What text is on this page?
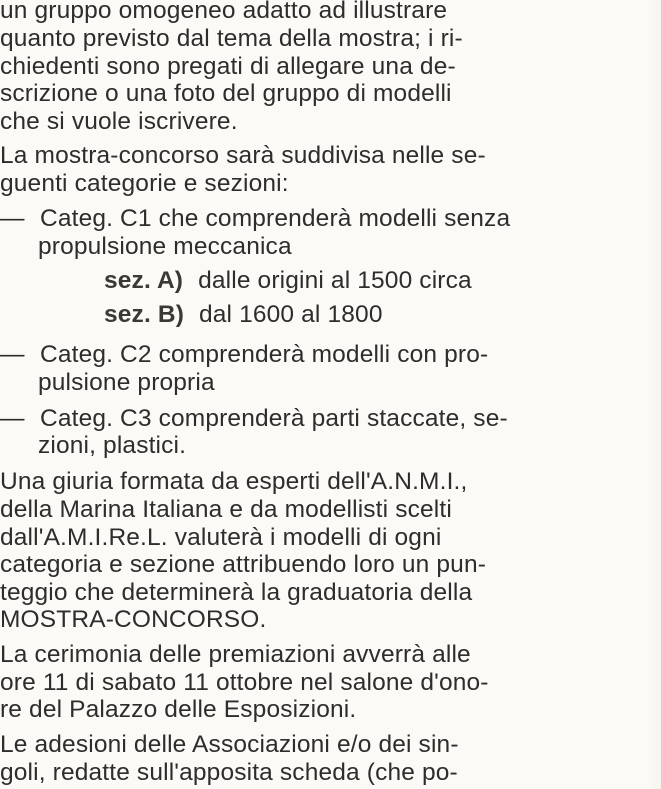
un gruppo omogeneo adatto ad illustrare
quanto previsto dal tema della mostra; i ri-
chiedenti sono pregati di allegare una de-
scrizione o una foto del gruppo di modelli
che si vuole iscrivere.
La mostra-concorso sarà suddivisa nelle se-
guenti categorie e sezioni:
— Categ. C1 che comprenderà modelli senza
propulsione meccanica
sez. A) dalle origini al 1500 circa
sez. B) dal 1600 al 1800
— Categ. C2 comprenderà modelli con pro-
pulsione propria
— Categ. C3 comprenderà parti staccate, se-
zioni, plastici.
Una giuria formata da esperti dell'A.N.M.I.,
della Marina Italiana e da modellisti scelti
dall'A.M.I.Re.L. valuterà i modelli di ogni
categoria e sezione attribuendo loro un pun-
teggio che determinerà la graduatoria della
MOSTRA-CONCORSO.
La cerimonia delle premiazioni avverrà alle
ore 11 di sabato 11 ottobre nel salone d'ono-
re del Palazzo delle Esposizioni.
Le adesioni delle Associazioni e/o dei sin-
goli, redatte sull'apposita scheda (che po-
